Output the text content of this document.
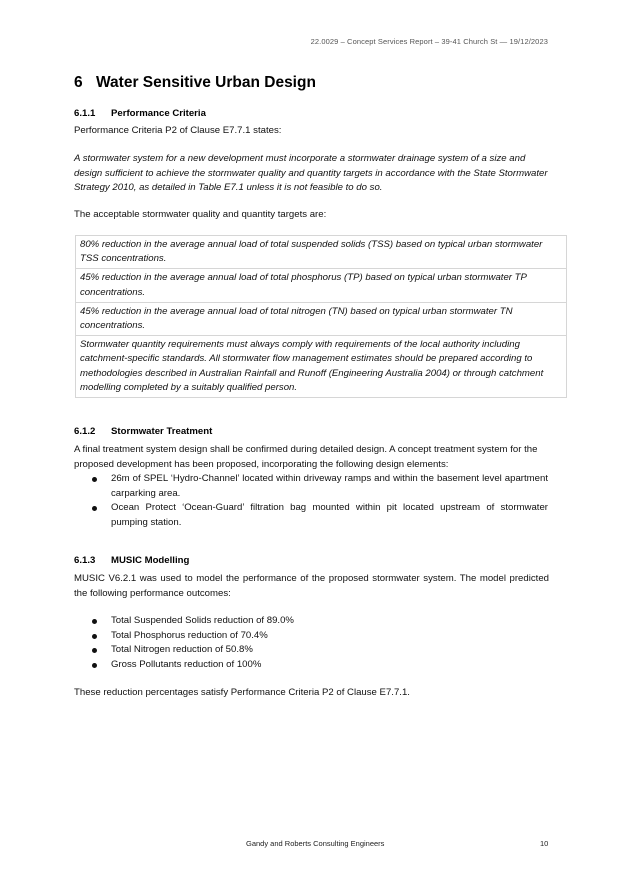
22.0029 – Concept Services Report – 39-41 Church St — 19/12/2023
6 Water Sensitive Urban Design
6.1.1 Performance Criteria
Performance Criteria P2 of Clause E7.7.1 states:
A stormwater system for a new development must incorporate a stormwater drainage system of a size and design sufficient to achieve the stormwater quality and quantity targets in accordance with the State Stormwater Strategy 2010, as detailed in Table E7.1 unless it is not feasible to do so.
The acceptable stormwater quality and quantity targets are:
80% reduction in the average annual load of total suspended solids (TSS) based on typical urban stormwater TSS concentrations.
45% reduction in the average annual load of total phosphorus (TP) based on typical urban stormwater TP concentrations.
45% reduction in the average annual load of total nitrogen (TN) based on typical urban stormwater TN concentrations.
Stormwater quantity requirements must always comply with requirements of the local authority including catchment-specific standards. All stormwater flow management estimates should be prepared according to methodologies described in Australian Rainfall and Runoff (Engineering Australia 2004) or through catchment modelling completed by a suitably qualified person.
6.1.2 Stormwater Treatment
A final treatment system design shall be confirmed during detailed design. A concept treatment system for the proposed development has been proposed, incorporating the following design elements:
26m of SPEL ‘Hydro-Channel’ located within driveway ramps and within the basement level apartment carparking area.
Ocean Protect ‘Ocean-Guard’ filtration bag mounted within pit located upstream of stormwater pumping station.
6.1.3 MUSIC Modelling
MUSIC V6.2.1 was used to model the performance of the proposed stormwater system. The model predicted the following performance outcomes:
Total Suspended Solids reduction of 89.0%
Total Phosphorus reduction of 70.4%
Total Nitrogen reduction of 50.8%
Gross Pollutants reduction of 100%
These reduction percentages satisfy Performance Criteria P2 of Clause E7.7.1.
Gandy and Roberts Consulting Engineers	10
